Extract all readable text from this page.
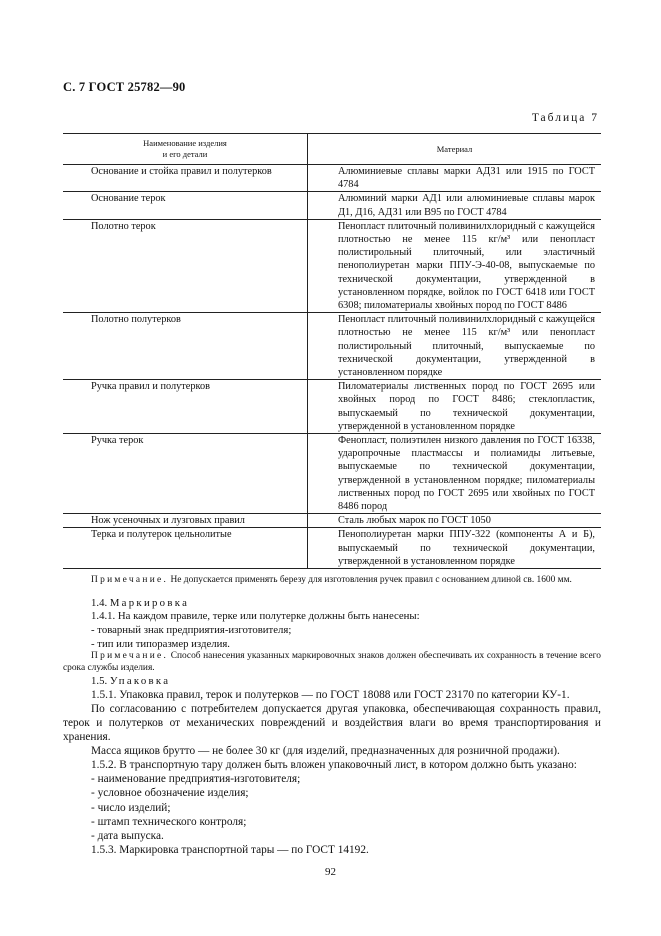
С. 7 ГОСТ 25782—90
Таблица 7
Наименование изделия
и его детали	Материал
Основание и стойка правил и полутерков	Алюминиевые сплавы марки АДЗ1 или 1915 по ГОСТ 4784
Основание терок	Алюминий марки АД1 или алюминиевые сплавы марок Д1, Д16, АДЗ1 или В95 по ГОСТ 4784
Полотно терок	Пенопласт плиточный поливинилхлоридный с кажущейся плотностью не менее 115 кг/м³ или пенопласт полистирольный плиточный, или эластичный пенополиуретан марки ППУ-Э-40-08, выпускаемые по технической документации, утвержденной в установленном порядке, войлок по ГОСТ 6418 или ГОСТ 6308; пиломатериалы хвойных пород по ГОСТ 8486
Полотно полутерков	Пенопласт плиточный поливинилхлоридный с кажущейся плотностью не менее 115 кг/м³ или пенопласт полистирольный плиточный, выпускаемые по технической документации, утвержденной в установленном порядке
Ручка правил и полутерков	Пиломатериалы лиственных пород по ГОСТ 2695 или хвойных пород по ГОСТ 8486; стеклопластик, выпускаемый по технической документации, утвержденной в установленном порядке
Ручка терок	Фенопласт, полиэтилен низкого давления по ГОСТ 16338, ударопрочные пластмассы и полиамиды литьевые, выпускаемые по технической документации, утвержденной в установленном порядке; пиломатериалы лиственных пород по ГОСТ 2695 или хвойных по ГОСТ 8486 пород
Нож усеночных и лузговых правил	Сталь любых марок по ГОСТ 1050
Терка и полутерок цельнолитые	Пенополиуретан марки ППУ-322 (компоненты А и Б), выпускаемый по технической документации, утвержденной в установленном порядке

Примечание. Не допускается применять березу для изготовления ручек правил с основанием длиной св. 1600 мм.

1.4. Маркировка

1.4.1. На каждом правиле, терке или полутерке должны быть нанесены:

- товарный знак предприятия-изготовителя;

- тип или типоразмер изделия.

Примечание. Способ нанесения указанных маркировочных знаков должен обеспечивать их сохранность в течение всего срока службы изделия.

1.5. Упаковка

1.5.1. Упаковка правил, терок и полутерков — по ГОСТ 18088 или ГОСТ 23170 по категории КУ-1.

По согласованию с потребителем допускается другая упаковка, обеспечивающая сохранность правил, терок и полутерков от механических повреждений и воздействия влаги во время транспортирования и хранения.

Масса ящиков брутто — не более 30 кг (для изделий, предназначенных для розничной продажи).

1.5.2. В транспортную тару должен быть вложен упаковочный лист, в котором должно быть указано:

- наименование предприятия-изготовителя;

- условное обозначение изделия;

- число изделий;

- штамп технического контроля;

- дата выпуска.

1.5.3. Маркировка транспортной тары — по ГОСТ 14192.

92
